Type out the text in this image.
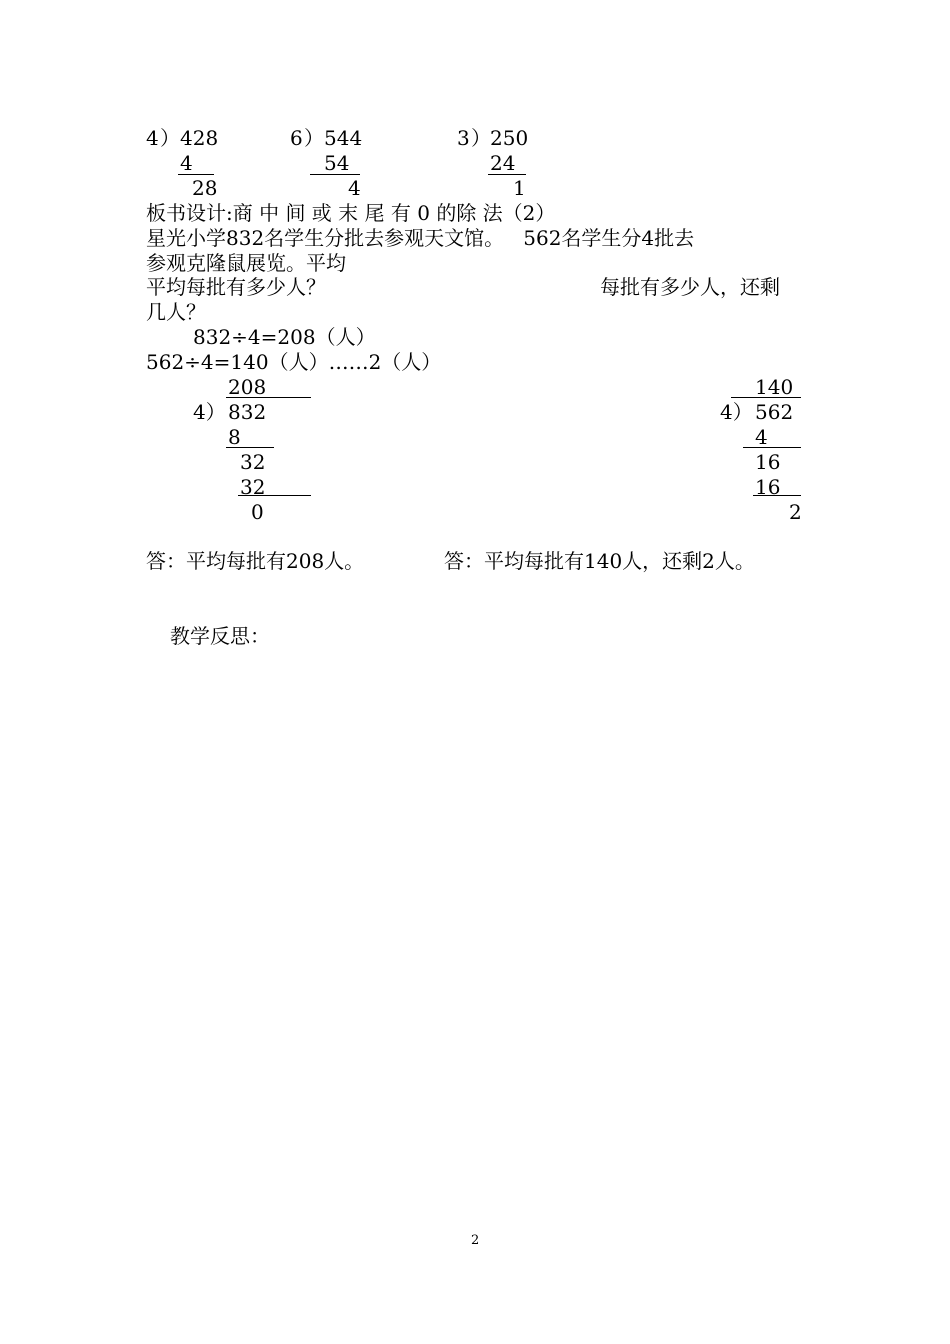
4 ） 428
4
28
6 ） 544
54
4
3 ） 250
24
1
板书设计:商 中 间 或 末 尾 有 0 的除 法（2）
星光小学832名学生分批去参观天文馆。   562名学生分4批去
参观克隆鼠展览。平均
平均每批有多少人？	每批有多少人，还剩
几人？
832÷4=208（人）
562÷4=140（人）……2（人）
208
4） 832
8
32
32
0
140
4） 562
4
16
16
2
答：平均每批有208人。	答：平均每批有140人，还剩2人。
教学反思：
2
